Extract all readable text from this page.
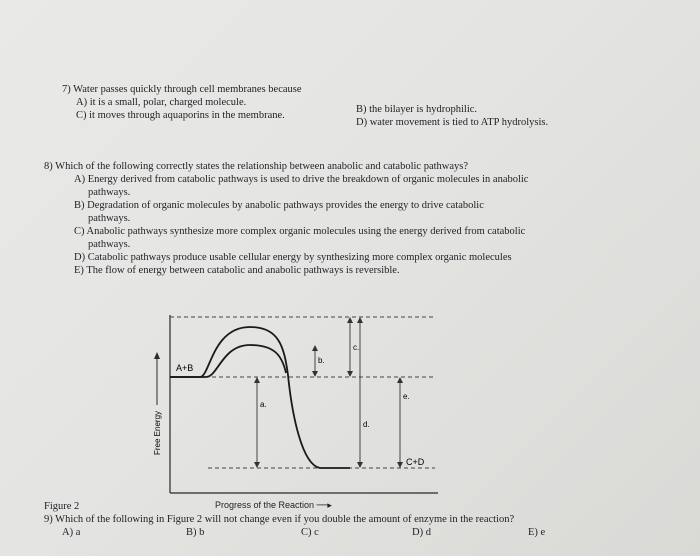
7) Water passes quickly through cell membranes because
A) it is a small, polar, charged molecule.
C) it moves through aquaporins in the membrane.
B) the bilayer is hydrophilic.
D) water movement is tied to ATP hydrolysis.
8) Which of the following correctly states the relationship between anabolic and catabolic pathways?
A) Energy derived from catabolic pathways is used to drive the breakdown of organic molecules in anabolic
pathways.
B) Degradation of organic molecules by anabolic pathways provides the energy to drive catabolic
pathways.
C) Anabolic pathways synthesize more complex organic molecules using the energy derived from catabolic
pathways.
D) Catabolic pathways produce usable cellular energy by synthesizing more complex organic molecules
E) The flow of energy between catabolic and anabolic pathways is reversible.
A+B
C+D
a.
b.
c.
d.
e.
Free Energy
Figure 2	Progress of the Reaction ──▸
9) Which of the following in Figure 2 will not change even if you double the amount of enzyme in the reaction?
A) a	B) b	C) c	D) d	E) e
